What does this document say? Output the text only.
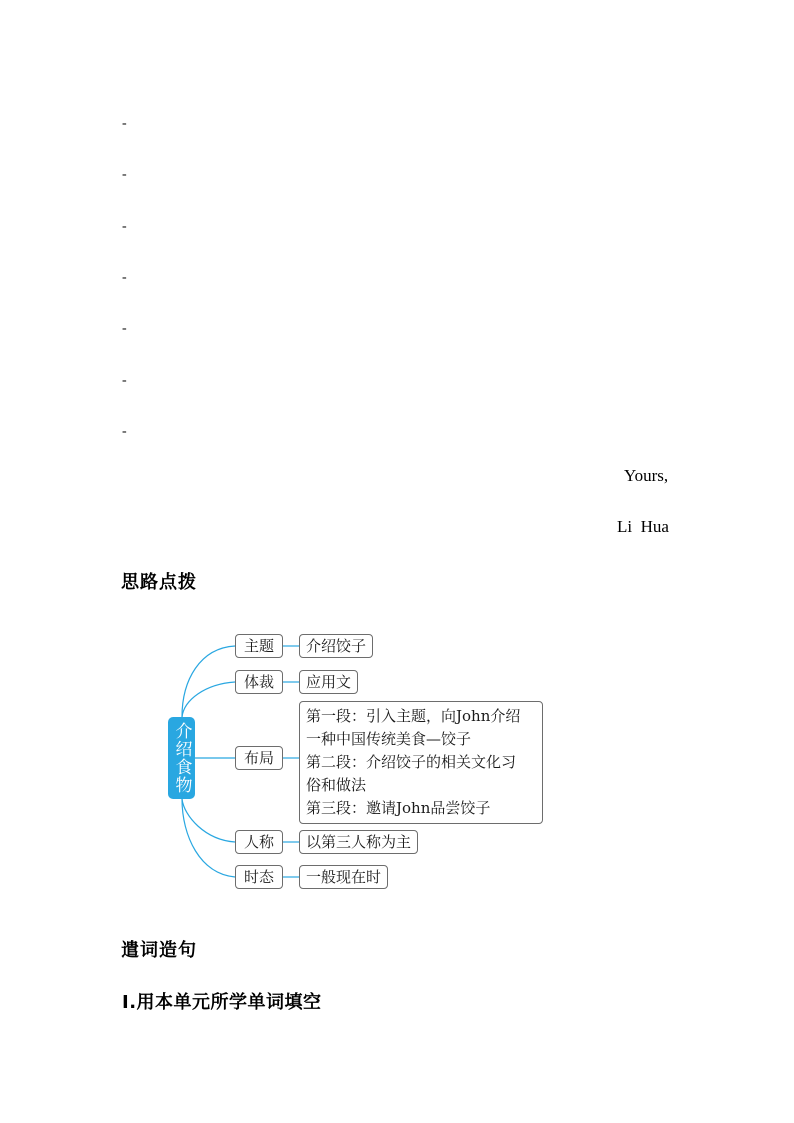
-
-
-
-
-
-
-
Yours,
Li  Hua
思路点拨
介绍食物
主题
体裁
布局
人称
时态
介绍饺子
应用文
第一段：引入主题，向John介绍
一种中国传统美食—饺子
第二段：介绍饺子的相关文化习
俗和做法
第三段：邀请John品尝饺子
以第三人称为主
一般现在时
遣词造句
Ⅰ.用本单元所学单词填空
